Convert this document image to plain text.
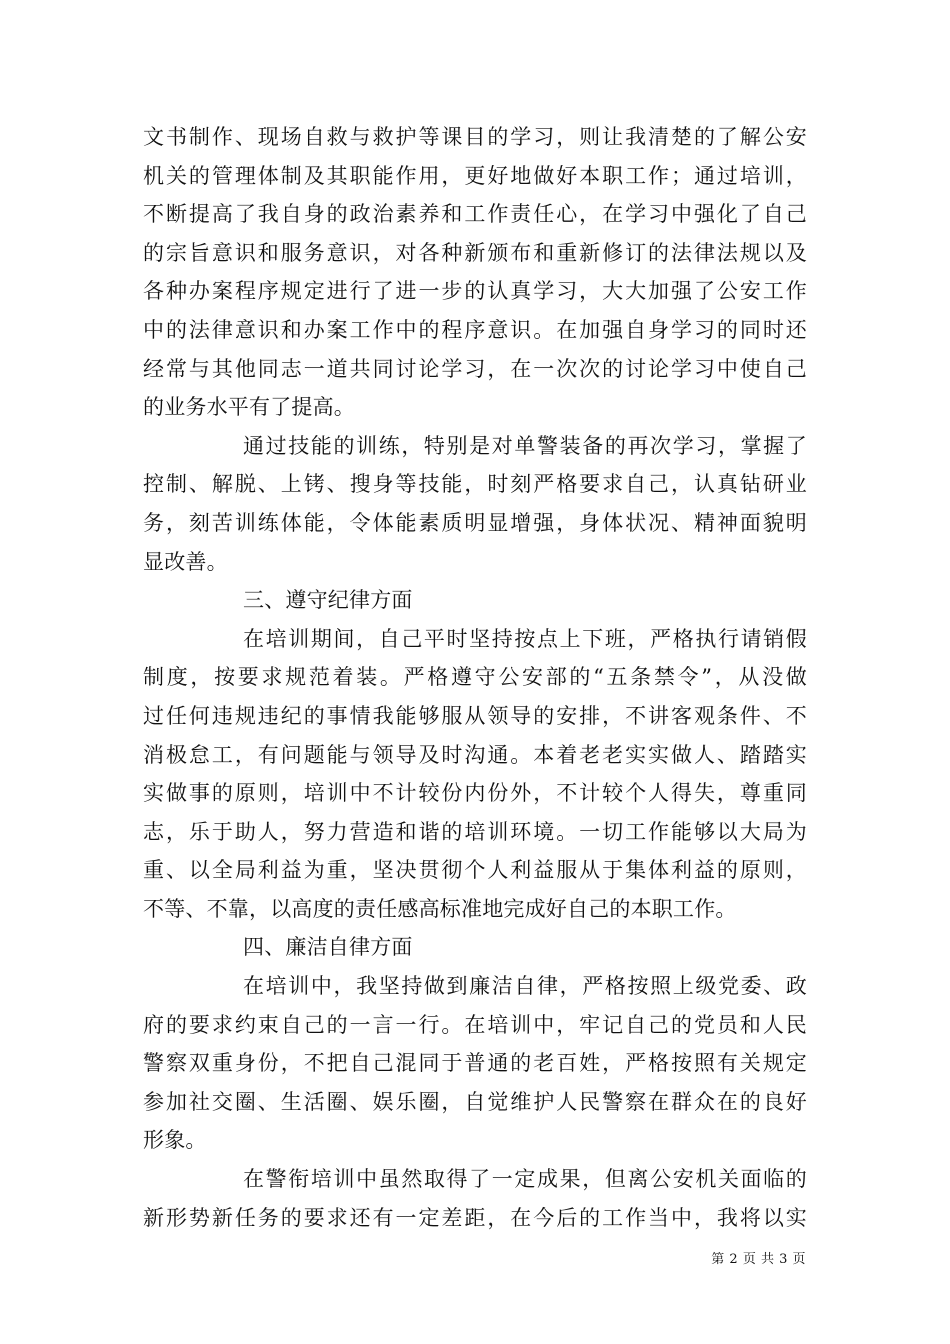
文书制作、现场自救与救护等课目的学习，则让我清楚的了解公安
机关的管理体制及其职能作用，更好地做好本职工作；通过培训，
不断提高了我自身的政治素养和工作责任心，在学习中强化了自己
的宗旨意识和服务意识，对各种新颁布和重新修订的法律法规以及
各种办案程序规定进行了进一步的认真学习，大大加强了公安工作
中的法律意识和办案工作中的程序意识。在加强自身学习的同时还
经常与其他同志一道共同讨论学习，在一次次的讨论学习中使自己
的业务水平有了提高。
通过技能的训练，特别是对单警装备的再次学习，掌握了
控制、解脱、上铐、搜身等技能，时刻严格要求自己，认真钻研业
务，刻苦训练体能，令体能素质明显增强，身体状况、精神面貌明
显改善。
三、遵守纪律方面
在培训期间，自己平时坚持按点上下班，严格执行请销假
制度，按要求规范着装。严格遵守公安部的“五条禁令”，从没做
过任何违规违纪的事情我能够服从领导的安排，不讲客观条件、不
消极怠工，有问题能与领导及时沟通。本着老老实实做人、踏踏实
实做事的原则，培训中不计较份内份外，不计较个人得失，尊重同
志，乐于助人，努力营造和谐的培训环境。一切工作能够以大局为
重、以全局利益为重，坚决贯彻个人利益服从于集体利益的原则，
不等、不靠，以高度的责任感高标准地完成好自己的本职工作。
四、廉洁自律方面
在培训中，我坚持做到廉洁自律，严格按照上级党委、政
府的要求约束自己的一言一行。在培训中，牢记自己的党员和人民
警察双重身份，不把自己混同于普通的老百姓，严格按照有关规定
参加社交圈、生活圈、娱乐圈，自觉维护人民警察在群众在的良好
形象。
在警衔培训中虽然取得了一定成果，但离公安机关面临的
新形势新任务的要求还有一定差距，在今后的工作当中，我将以实
第 2 页 共 3 页
